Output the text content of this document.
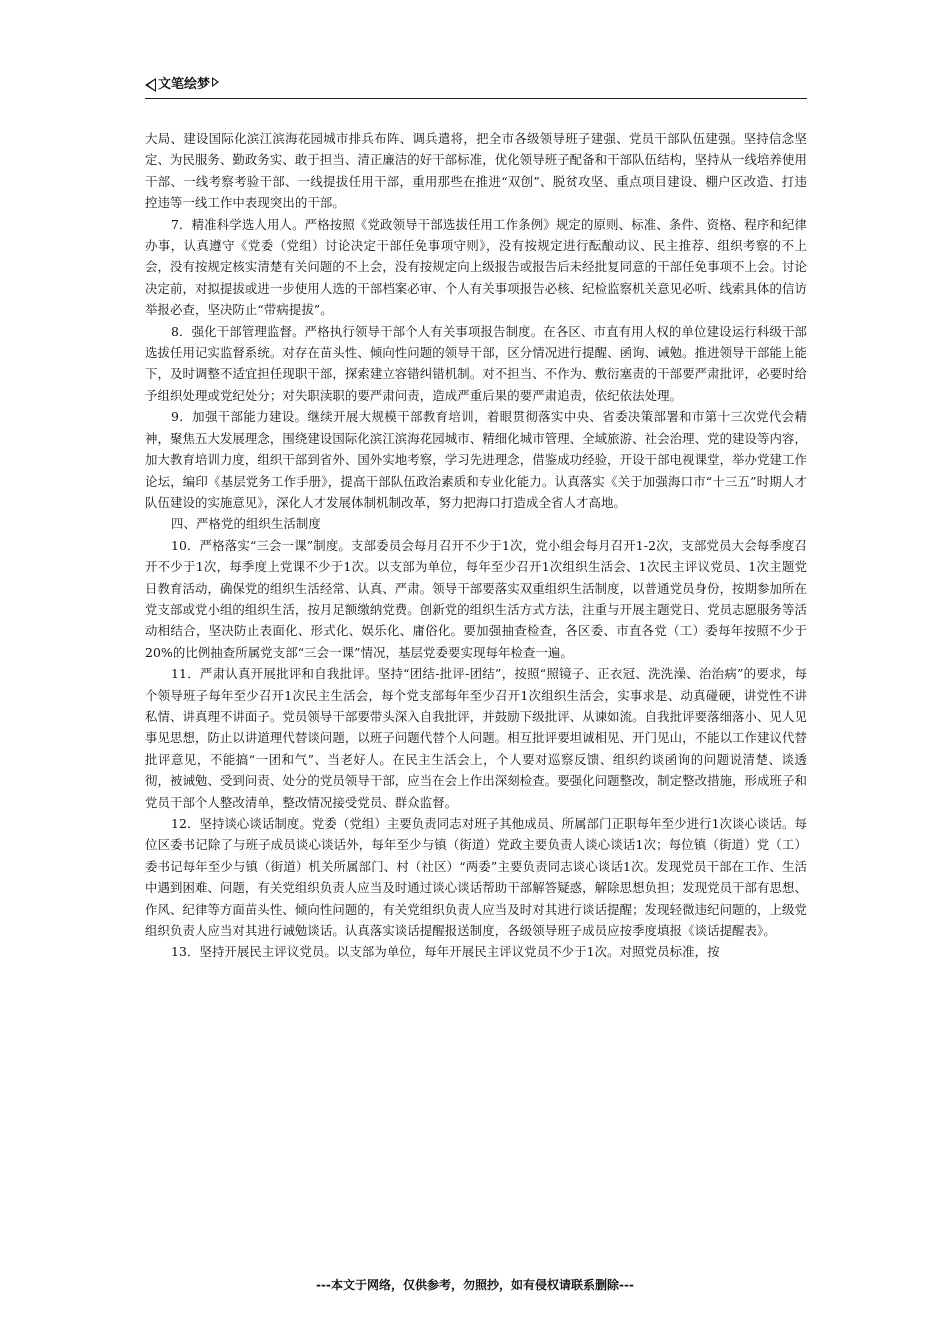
文笔绘梦

大局、建设国际化滨江滨海花园城市排兵布阵、调兵遣将，把全市各级领导班子建强、党员干部队伍建强。坚持信念坚定、为民服务、勤政务实、敢于担当、清正廉洁的好干部标准，优化领导班子配备和干部队伍结构，坚持从一线培养使用干部、一线考察考验干部、一线提拔任用干部，重用那些在推进“双创”、脱贫攻坚、重点项目建设、棚户区改造、打违控违等一线工作中表现突出的干部。

7．精准科学选人用人。严格按照《党政领导干部选拔任用工作条例》规定的原则、标准、条件、资格、程序和纪律办事，认真遵守《党委（党组）讨论决定干部任免事项守则》，没有按规定进行酝酿动议、民主推荐、组织考察的不上会，没有按规定核实清楚有关问题的不上会，没有按规定向上级报告或报告后未经批复同意的干部任免事项不上会。讨论决定前，对拟提拔或进一步使用人选的干部档案必审、个人有关事项报告必核、纪检监察机关意见必听、线索具体的信访举报必查，坚决防止“带病提拔”。

8．强化干部管理监督。严格执行领导干部个人有关事项报告制度。在各区、市直有用人权的单位建设运行科级干部选拔任用记实监督系统。对存在苗头性、倾向性问题的领导干部，区分情况进行提醒、函询、诫勉。推进领导干部能上能下，及时调整不适宜担任现职干部，探索建立容错纠错机制。对不担当、不作为、敷衍塞责的干部要严肃批评，必要时给予组织处理或党纪处分；对失职渎职的要严肃问责，造成严重后果的要严肃追责，依纪依法处理。

9．加强干部能力建设。继续开展大规模干部教育培训，着眼贯彻落实中央、省委决策部署和市第十三次党代会精神，聚焦五大发展理念，围绕建设国际化滨江滨海花园城市、精细化城市管理、全域旅游、社会治理、党的建设等内容，加大教育培训力度，组织干部到省外、国外实地考察，学习先进理念，借鉴成功经验，开设干部电视课堂，举办党建工作论坛，编印《基层党务工作手册》，提高干部队伍政治素质和专业化能力。认真落实《关于加强海口市“十三五”时期人才队伍建设的实施意见》，深化人才发展体制机制改革，努力把海口打造成全省人才高地。

四、严格党的组织生活制度

10．严格落实“三会一课”制度。支部委员会每月召开不少于1次，党小组会每月召开1-2次，支部党员大会每季度召开不少于1次，每季度上党课不少于1次。以支部为单位，每年至少召开1次组织生活会、1次民主评议党员、1次主题党日教育活动，确保党的组织生活经常、认真、严肃。领导干部要落实双重组织生活制度，以普通党员身份，按期参加所在党支部或党小组的组织生活，按月足额缴纳党费。创新党的组织生活方式方法，注重与开展主题党日、党员志愿服务等活动相结合，坚决防止表面化、形式化、娱乐化、庸俗化。要加强抽查检查，各区委、市直各党（工）委每年按照不少于20%的比例抽查所属党支部“三会一课”情况，基层党委要实现每年检查一遍。

11．严肃认真开展批评和自我批评。坚持“团结-批评-团结”，按照“照镜子、正衣冠、洗洗澡、治治病”的要求，每个领导班子每年至少召开1次民主生活会，每个党支部每年至少召开1次组织生活会，实事求是、动真碰硬，讲党性不讲私情、讲真理不讲面子。党员领导干部要带头深入自我批评，并鼓励下级批评、从谏如流。自我批评要落细落小、见人见事见思想，防止以讲道理代替谈问题，以班子问题代替个人问题。相互批评要坦诚相见、开门见山，不能以工作建议代替批评意见，不能搞“一团和气”、当老好人。在民主生活会上，个人要对巡察反馈、组织约谈函询的问题说清楚、谈透彻，被诫勉、受到问责、处分的党员领导干部，应当在会上作出深刻检查。要强化问题整改，制定整改措施，形成班子和党员干部个人整改清单，整改情况接受党员、群众监督。

12．坚持谈心谈话制度。党委（党组）主要负责同志对班子其他成员、所属部门正职每年至少进行1次谈心谈话。每位区委书记除了与班子成员谈心谈话外，每年至少与镇（街道）党政主要负责人谈心谈话1次；每位镇（街道）党（工）委书记每年至少与镇（街道）机关所属部门、村（社区）“两委”主要负责同志谈心谈话1次。发现党员干部在工作、生活中遇到困难、问题，有关党组织负责人应当及时通过谈心谈话帮助干部解答疑惑，解除思想负担；发现党员干部有思想、作风、纪律等方面苗头性、倾向性问题的，有关党组织负责人应当及时对其进行谈话提醒；发现轻微违纪问题的，上级党组织负责人应当对其进行诫勉谈话。认真落实谈话提醒报送制度，各级领导班子成员应按季度填报《谈话提醒表》。

13．坚持开展民主评议党员。以支部为单位，每年开展民主评议党员不少于1次。对照党员标准，按

---本文于网络，仅供参考，勿照抄，如有侵权请联系删除---
